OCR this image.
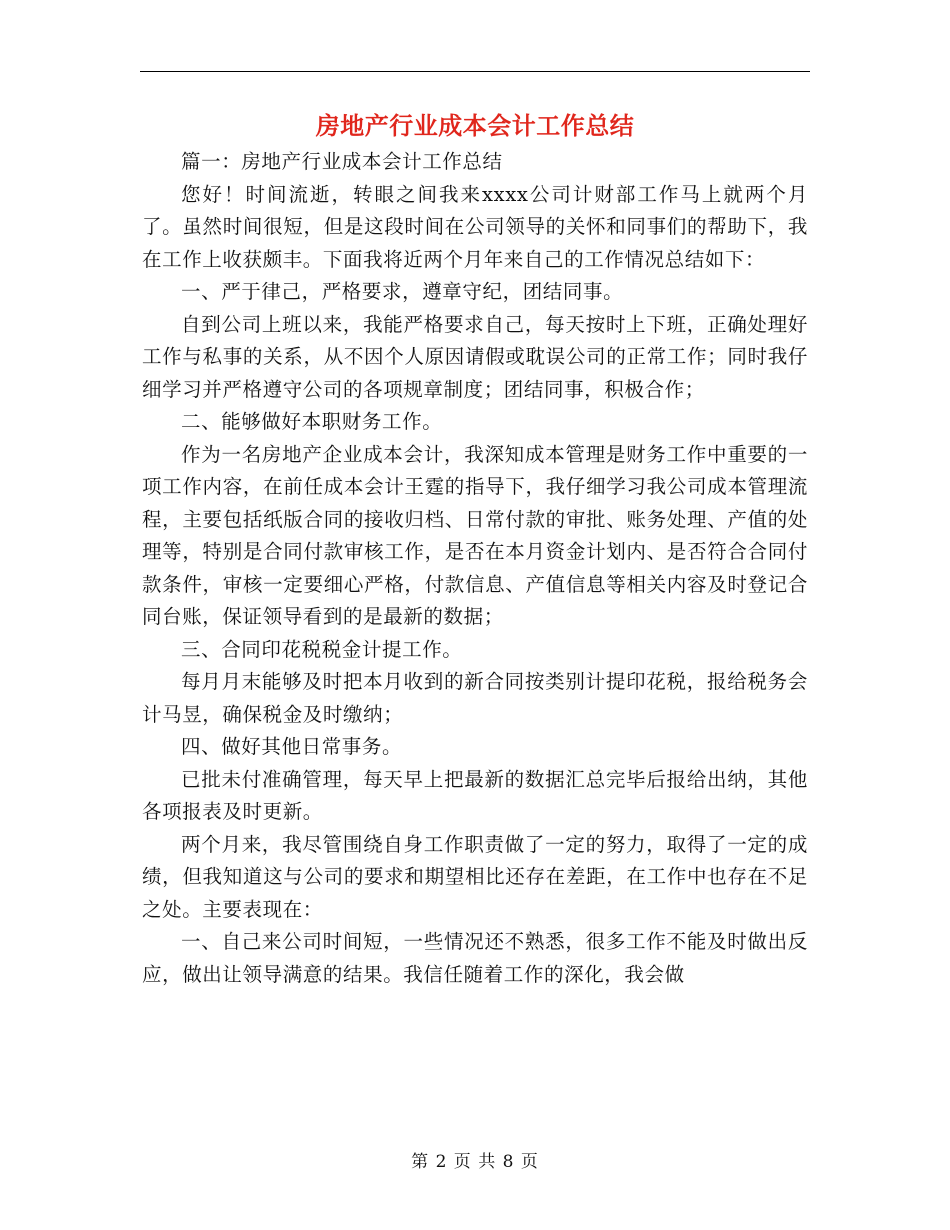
房地产行业成本会计工作总结

篇一：房地产行业成本会计工作总结

您好！时间流逝，转眼之间我来xxxx公司计财部工作马上就两个月了。虽然时间很短，但是这段时间在公司领导的关怀和同事们的帮助下，我在工作上收获颇丰。下面我将近两个月年来自己的工作情况总结如下：

一、严于律己，严格要求，遵章守纪，团结同事。

自到公司上班以来，我能严格要求自己，每天按时上下班，正确处理好工作与私事的关系，从不因个人原因请假或耽误公司的正常工作；同时我仔细学习并严格遵守公司的各项规章制度；团结同事，积极合作；

二、能够做好本职财务工作。

作为一名房地产企业成本会计，我深知成本管理是财务工作中重要的一项工作内容，在前任成本会计王霆的指导下，我仔细学习我公司成本管理流程，主要包括纸版合同的接收归档、日常付款的审批、账务处理、产值的处理等，特别是合同付款审核工作，是否在本月资金计划内、是否符合合同付款条件，审核一定要细心严格，付款信息、产值信息等相关内容及时登记合同台账，保证领导看到的是最新的数据；

三、合同印花税税金计提工作。

每月月末能够及时把本月收到的新合同按类别计提印花税，报给税务会计马昱，确保税金及时缴纳；

四、做好其他日常事务。

已批未付准确管理，每天早上把最新的数据汇总完毕后报给出纳，其他各项报表及时更新。

两个月来，我尽管围绕自身工作职责做了一定的努力，取得了一定的成绩，但我知道这与公司的要求和期望相比还存在差距，在工作中也存在不足之处。主要表现在：

一、自己来公司时间短，一些情况还不熟悉，很多工作不能及时做出反应，做出让领导满意的结果。我信任随着工作的深化，我会做

第 2 页 共 8 页
